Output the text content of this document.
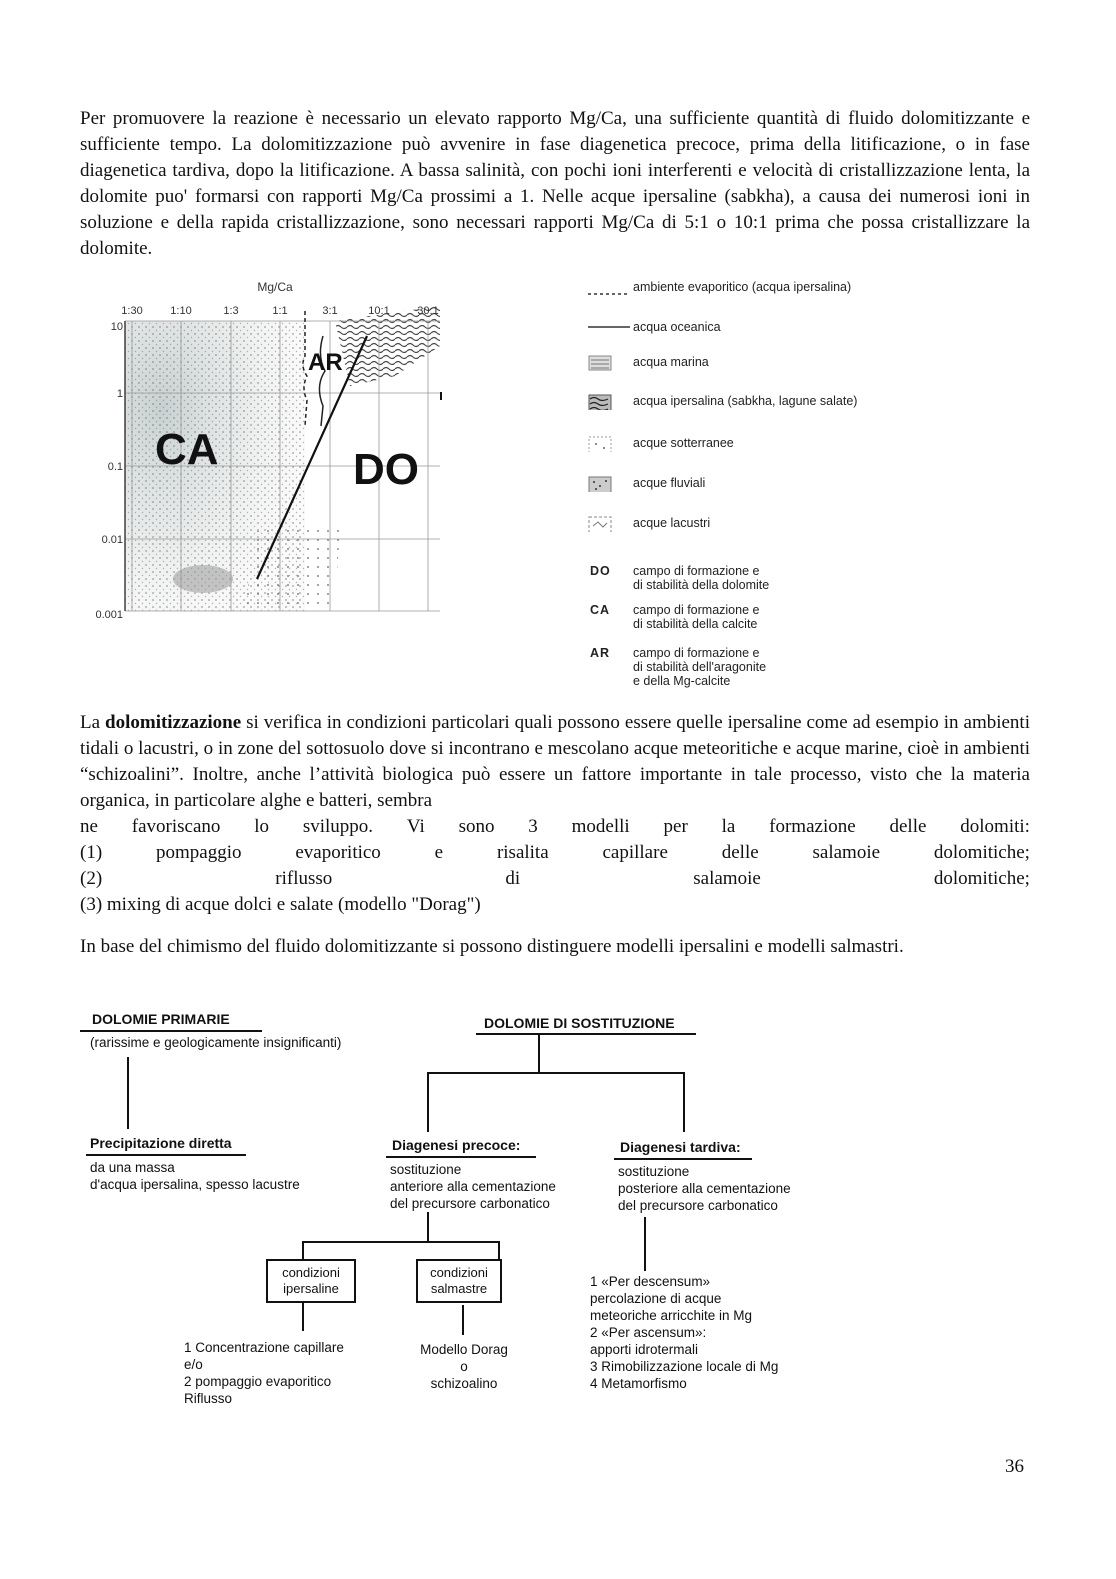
Per promuovere la reazione è necessario un elevato rapporto Mg/Ca, una sufficiente quantità di fluido dolomitizzante e sufficiente tempo. La dolomitizzazione può avvenire in fase diagenetica precoce, prima della litificazione, o in fase diagenetica tardiva, dopo la litificazione. A bassa salinità, con pochi ioni interferenti e velocità di cristallizzazione lenta, la dolomite puo' formarsi con rapporti Mg/Ca prossimi a 1. Nelle acque ipersaline (sabkha), a causa dei numerosi ioni in soluzione e della rapida cristallizzazione, sono necessari rapporti Mg/Ca di 5:1 o 10:1 prima che possa cristallizzare la dolomite.
Mg/Ca
1:30	1:10	1:3	1:1	3:1	10:1
10
1
0.1
0.01
0.001
CA	DO
AR
ambiente evaporitico (acqua ipersalina)
acqua oceanica
acqua marina
acqua ipersalina (sabkha, lagune salate)
acque sotterranee
acque fluviali
acque lacustri
DO campo di formazione e
di stabilità della dolomite
CA campo di formazione e
di stabilità della calcite
AR campo di formazione e
di stabilità dell'aragonite
e della Mg-calcite
La dolomitizzazione si verifica in condizioni particolari quali possono essere quelle ipersaline come ad esempio in ambienti tidali o lacustri, o in zone del sottosuolo dove si incontrano e mescolano acque meteoritiche e acque marine, cioè in ambienti “schizoalini”. Inoltre, anche l’attività biologica può essere un fattore importante in tale processo, visto che la materia organica, in particolare alghe e batteri, sembra
ne favoriscano lo sviluppo. Vi sono 3 modelli per la formazione delle dolomiti:
(1)	pompaggio	evaporitico	e	risalita	capillare	delle	salamoie	dolomitiche;
(2)	riflusso	di	salamoie	dolomitiche;
(3) mixing di acque dolci e salate (modello "Dorag")
In base del chimismo del fluido dolomitizzante si possono distinguere modelli ipersalini e modelli salmastri.
DOLOMIE PRIMARIE
(rarissime e geologicamente insignificanti)
Precipitazione diretta
da una massa
d'acqua ipersalina, spesso lacustre
DOLOMIE DI SOSTITUZIONE
Diagenesi precoce:
sostituzione
anteriore alla cementazione
del precursore carbonatico
Diagenesi tardiva:
sostituzione
posteriore alla cementazione
del precursore carbonatico
condizioni ipersaline
condizioni salmastre
1 Concentrazione capillare
e/o
2 pompaggio evaporitico
Riflusso
Modello Dorag
o
schizoalino
1 «Per descensum»
percolazione di acque
meteoriche arricchite in Mg
2 «Per ascensum»:
apporti idrotermali
3 Rimobilizzazione locale di Mg
4 Metamorfismo
36
